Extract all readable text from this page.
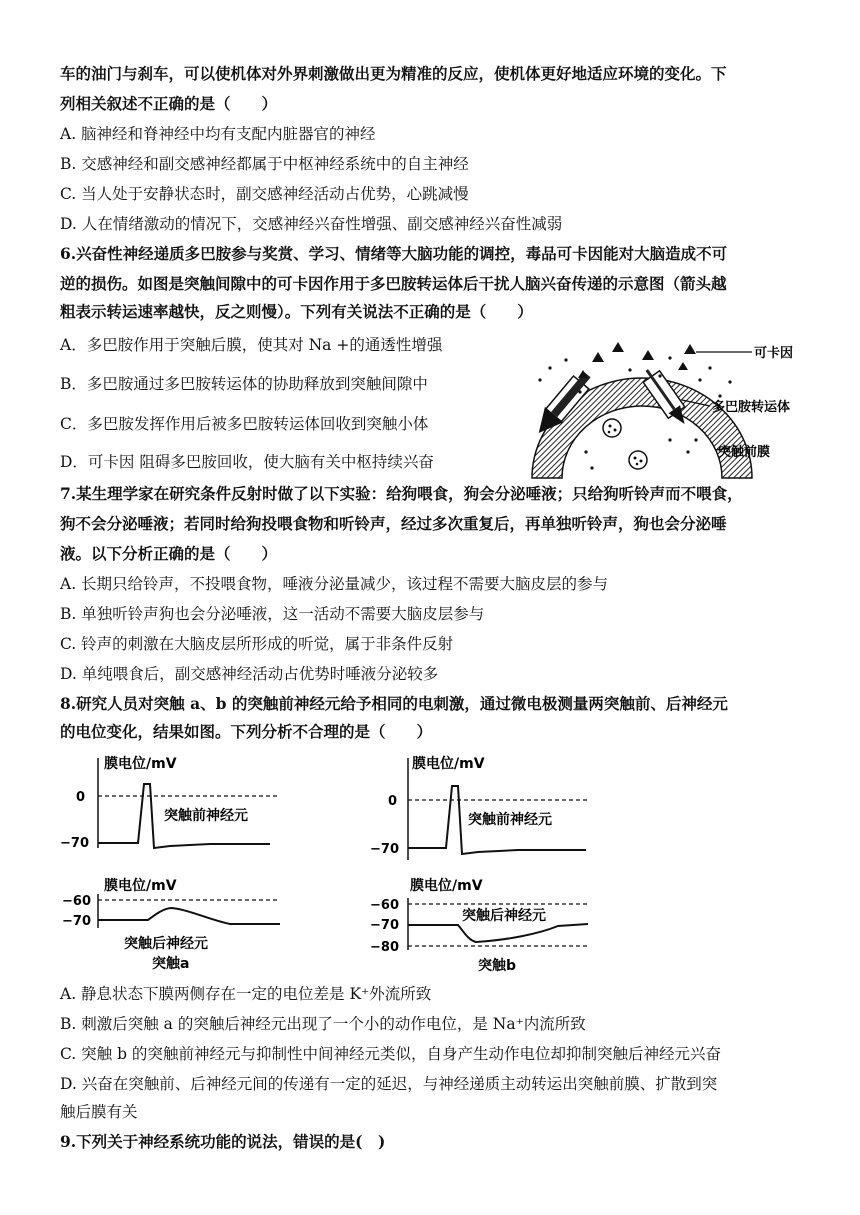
车的油门与刹车，可以使机体对外界刺激做出更为精准的反应，使机体更好地适应环境的变化。下
列相关叙述不正确的是（　　）
A. 脑神经和脊神经中均有支配内脏器官的神经
B. 交感神经和副交感神经都属于中枢神经系统中的自主神经
C. 当人处于安静状态时，副交感神经活动占优势，心跳减慢
D. 人在情绪激动的情况下，交感神经兴奋性增强、副交感神经兴奋性减弱
6.兴奋性神经递质多巴胺参与奖赏、学习、情绪等大脑功能的调控，毒品可卡因能对大脑造成不可
逆的损伤。如图是突触间隙中的可卡因作用于多巴胺转运体后干扰人脑兴奋传递的示意图（箭头越
粗表示转运速率越快，反之则慢）。下列有关说法不正确的是（　　）
A．多巴胺作用于突触后膜，使其对 Na +的通透性增强
B．多巴胺通过多巴胺转运体的协助释放到突触间隙中
C．多巴胺发挥作用后被多巴胺转运体回收到突触小体
D．可卡因 阻碍多巴胺回收，使大脑有关中枢持续兴奋
可卡因
多巴胺转运体
突触前膜
7.某生理学家在研究条件反射时做了以下实验：给狗喂食，狗会分泌唾液；只给狗听铃声而不喂食，
狗不会分泌唾液；若同时给狗投喂食物和听铃声，经过多次重复后，再单独听铃声，狗也会分泌唾
液。以下分析正确的是（　　）
A. 长期只给铃声，不投喂食物，唾液分泌量减少，该过程不需要大脑皮层的参与
B. 单独听铃声狗也会分泌唾液，这一活动不需要大脑皮层参与
C. 铃声的刺激在大脑皮层所形成的听觉，属于非条件反射
D. 单纯喂食后，副交感神经活动占优势时唾液分泌较多
8.研究人员对突触 a、b 的突触前神经元给予相同的电刺激，通过微电极测量两突触前、后神经元
的电位变化，结果如图。下列分析不合理的是（　　）
膜电位/mV
0
−70
突触前神经元
膜电位/mV
−60
−70
突触后神经元
突触a
膜电位/mV
0
−70
突触前神经元
膜电位/mV
−60
−70
−80
突触后神经元
突触b
A. 静息状态下膜两侧存在一定的电位差是 K⁺外流所致
B. 刺激后突触 a 的突触后神经元出现了一个小的动作电位，是 Na⁺内流所致
C. 突触 b 的突触前神经元与抑制性中间神经元类似，自身产生动作电位却抑制突触后神经元兴奋
D. 兴奋在突触前、后神经元间的传递有一定的延迟，与神经递质主动转运出突触前膜、扩散到突
触后膜有关
9.下列关于神经系统功能的说法，错误的是(　)
